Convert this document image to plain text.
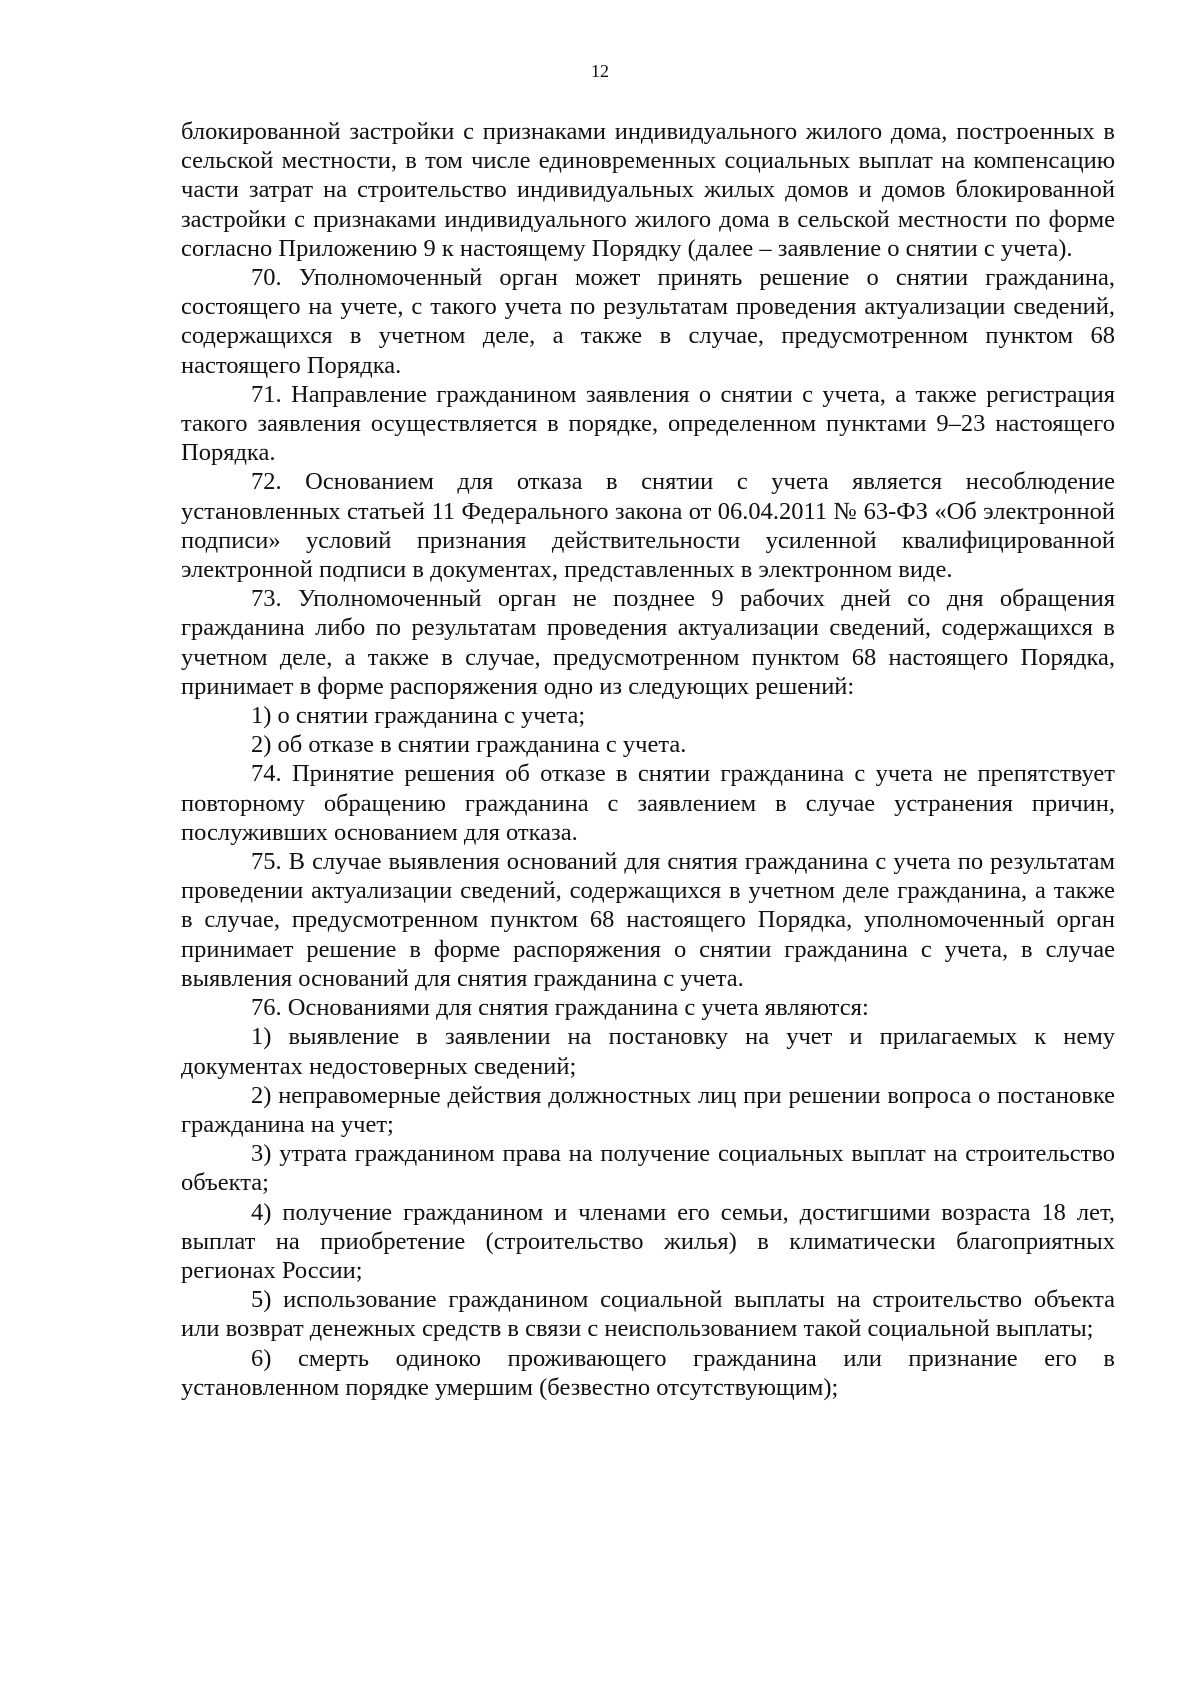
12

блокированной застройки с признаками индивидуального жилого дома, построенных в сельской местности, в том числе единовременных социальных выплат на компенсацию части затрат на строительство индивидуальных жилых домов и домов блокированной застройки с признаками индивидуального жилого дома в сельской местности по форме согласно Приложению 9 к настоящему Порядку (далее – заявление о снятии с учета).

70. Уполномоченный орган может принять решение о снятии гражданина, состоящего на учете, с такого учета по результатам проведения актуализации сведений, содержащихся в учетном деле, а также в случае, предусмотренном пунктом 68 настоящего Порядка.

71. Направление гражданином заявления о снятии с учета, а также регистрация такого заявления осуществляется в порядке, определенном пунктами 9–23 настоящего Порядка.

72. Основанием для отказа в снятии с учета является несоблюдение установленных статьей 11 Федерального закона от 06.04.2011 № 63-ФЗ «Об электронной подписи» условий признания действительности усиленной квалифицированной электронной подписи в документах, представленных в электронном виде.

73. Уполномоченный орган не позднее 9 рабочих дней со дня обращения гражданина либо по результатам проведения актуализации сведений, содержащихся в учетном деле, а также в случае, предусмотренном пунктом 68 настоящего Порядка, принимает в форме распоряжения одно из следующих решений:

1) о снятии гражданина с учета;

2) об отказе в снятии гражданина с учета.

74. Принятие решения об отказе в снятии гражданина с учета не препятствует повторному обращению гражданина с заявлением в случае устранения причин, послуживших основанием для отказа.

75. В случае выявления оснований для снятия гражданина с учета по результатам проведении актуализации сведений, содержащихся в учетном деле гражданина, а также в случае, предусмотренном пунктом 68 настоящего Порядка, уполномоченный орган принимает решение в форме распоряжения о снятии гражданина с учета, в случае выявления оснований для снятия гражданина с учета.

76. Основаниями для снятия гражданина с учета являются:

1) выявление в заявлении на постановку на учет и прилагаемых к нему документах недостоверных сведений;

2) неправомерные действия должностных лиц при решении вопроса о постановке гражданина на учет;

3) утрата гражданином права на получение социальных выплат на строительство объекта;

4) получение гражданином и членами его семьи, достигшими возраста 18 лет, выплат на приобретение (строительство жилья) в климатически благоприятных регионах России;

5) использование гражданином социальной выплаты на строительство объекта или возврат денежных средств в связи с неиспользованием такой социальной выплаты;

6) смерть одиноко проживающего гражданина или признание его в установленном порядке умершим (безвестно отсутствующим);
